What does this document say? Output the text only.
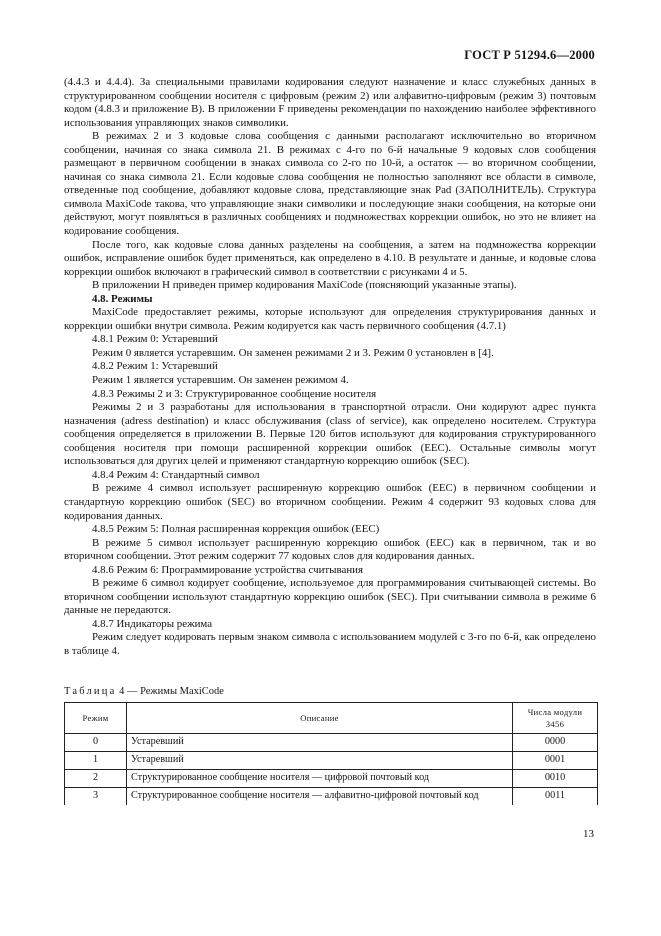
ГОСТ Р 51294.6—2000

(4.4.3 и 4.4.4). За специальными правилами кодирования следуют назначение и класс служебных данных в структурированном сообщении носителя с цифровым (режим 2) или алфавитно-цифровым (режим 3) почтовым кодом (4.8.3 и приложение В). В приложении F приведены рекомендации по нахождению наиболее эффективного использования управляющих знаков символики.

В режимах 2 и 3 кодовые слова сообщения с данными располагают исключительно во вторичном сообщении, начиная со знака символа 21. В режимах с 4-го по 6-й начальные 9 кодовых слов сообщения размещают в первичном сообщении в знаках символа со 2-го по 10-й, а остаток — во вторичном сообщении, начиная со знака символа 21. Если кодовые слова сообщения не полностью заполняют все области в символе, отведенные под сообщение, добавляют кодовые слова, представляющие знак Pad (ЗАПОЛНИТЕЛЬ). Структура символа MaxiCode такова, что управляющие знаки символики и последующие знаки сообщения, на которые они действуют, могут появляться в различных сообщениях и подмножествах коррекции ошибок, но это не влияет на кодирование сообщения.

После того, как кодовые слова данных разделены на сообщения, а затем на подмножества коррекции ошибок, исправление ошибок будет применяться, как определено в 4.10. В результате и данные, и кодовые слова коррекции ошибок включают в графический символ в соответствии с рисунками 4 и 5.

В приложении Н приведен пример кодирования MaxiCode (поясняющий указанные этапы).

4.8. Режимы

MaxiCode предоставляет режимы, которые используют для определения структурирования данных и коррекции ошибки внутри символа. Режим кодируется как часть первичного сообщения (4.7.1)

4.8.1 Режим 0: Устаревший

Режим 0 является устаревшим. Он заменен режимами 2 и 3. Режим 0 установлен в [4].

4.8.2 Режим 1: Устаревший

Режим 1 является устаревшим. Он заменен режимом 4.

4.8.3 Режимы 2 и 3: Структурированное сообщение носителя

Режимы 2 и 3 разработаны для использования в транспортной отрасли. Они кодируют адрес пункта назначения (adress destination) и класс обслуживания (class of service), как определено носителем. Структура сообщения определяется в приложении В. Первые 120 битов используют для кодирования структурированного сообщения носителя при помощи расширенной коррекции ошибок (ЕЕС). Остальные символы могут использоваться для других целей и применяют стандартную коррекцию ошибок (SEC).

4.8.4 Режим 4: Стандартный символ

В режиме 4 символ использует расширенную коррекцию ошибок (ЕЕС) в первичном сообщении и стандартную коррекцию ошибок (SEC) во вторичном сообщении. Режим 4 содержит 93 кодовых слова для кодирования данных.

4.8.5 Режим 5: Полная расширенная коррекция ошибок (ЕЕС)

В режиме 5 символ использует расширенную коррекцию ошибок (ЕЕС) как в первичном, так и во вторичном сообщении. Этот режим содержит 77 кодовых слов для кодирования данных.

4.8.6 Режим 6: Программирование устройства считывания

В режиме 6 символ кодирует сообщение, используемое для программирования считывающей системы. Во вторичном сообщении используют стандартную коррекцию ошибок (SEC). При считывании символа в режиме 6 данные не передаются.

4.8.7 Индикаторы режима

Режим следует кодировать первым знаком символа с использованием модулей с 3-го по 6-й, как определено в таблице 4.

Таблица 4 — Режимы MaxiCode
Режим	Описание	Числа модули
3456
0	Устаревший	0000
1	Устаревший	0001
2	Структурированное сообщение носителя — цифровой почтовый код	0010
3	Структурированное сообщение носителя — алфавитно-цифровой почтовый код	0011
13
